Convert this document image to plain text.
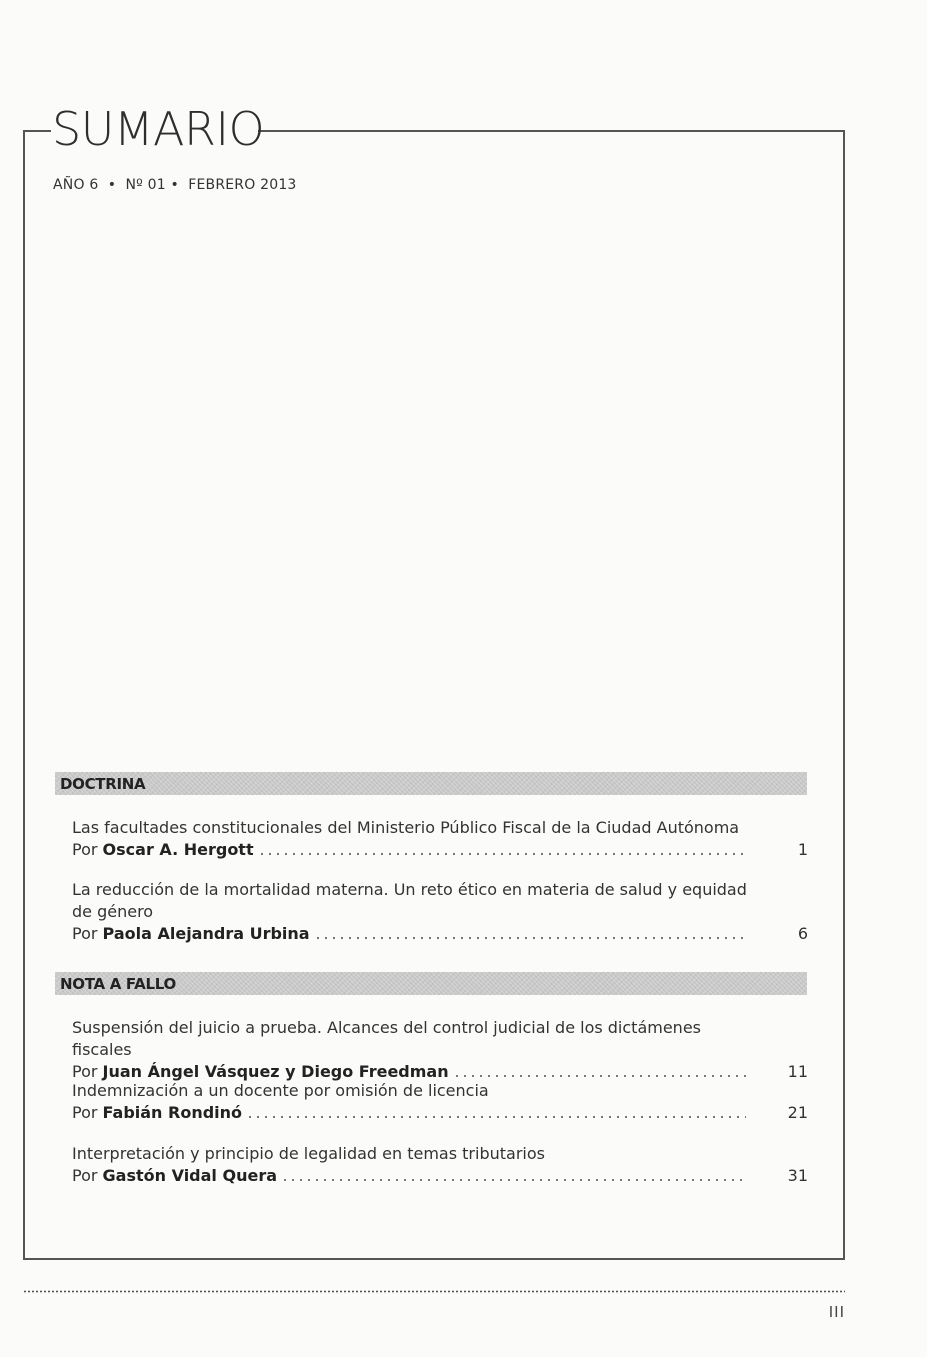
SUMARIO
AÑO 6  •  Nº 01 •  FEBRERO 2013
DOCTRINA
Las facultades constitucionales del Ministerio Público Fiscal de la Ciudad Autónoma
Por Oscar A. Hergott	1
La reducción de la mortalidad materna. Un reto ético en materia de salud y equidad de género
Por Paola Alejandra Urbina	6
NOTA A FALLO
Suspensión del juicio a prueba. Alcances del control judicial de los dictámenes fiscales
Por Juan Ángel Vásquez y Diego Freedman	11
Indemnización a un docente por omisión de licencia
Por Fabián Rondinó	21
Interpretación y principio de legalidad en temas tributarios
Por Gastón Vidal Quera	31
III
